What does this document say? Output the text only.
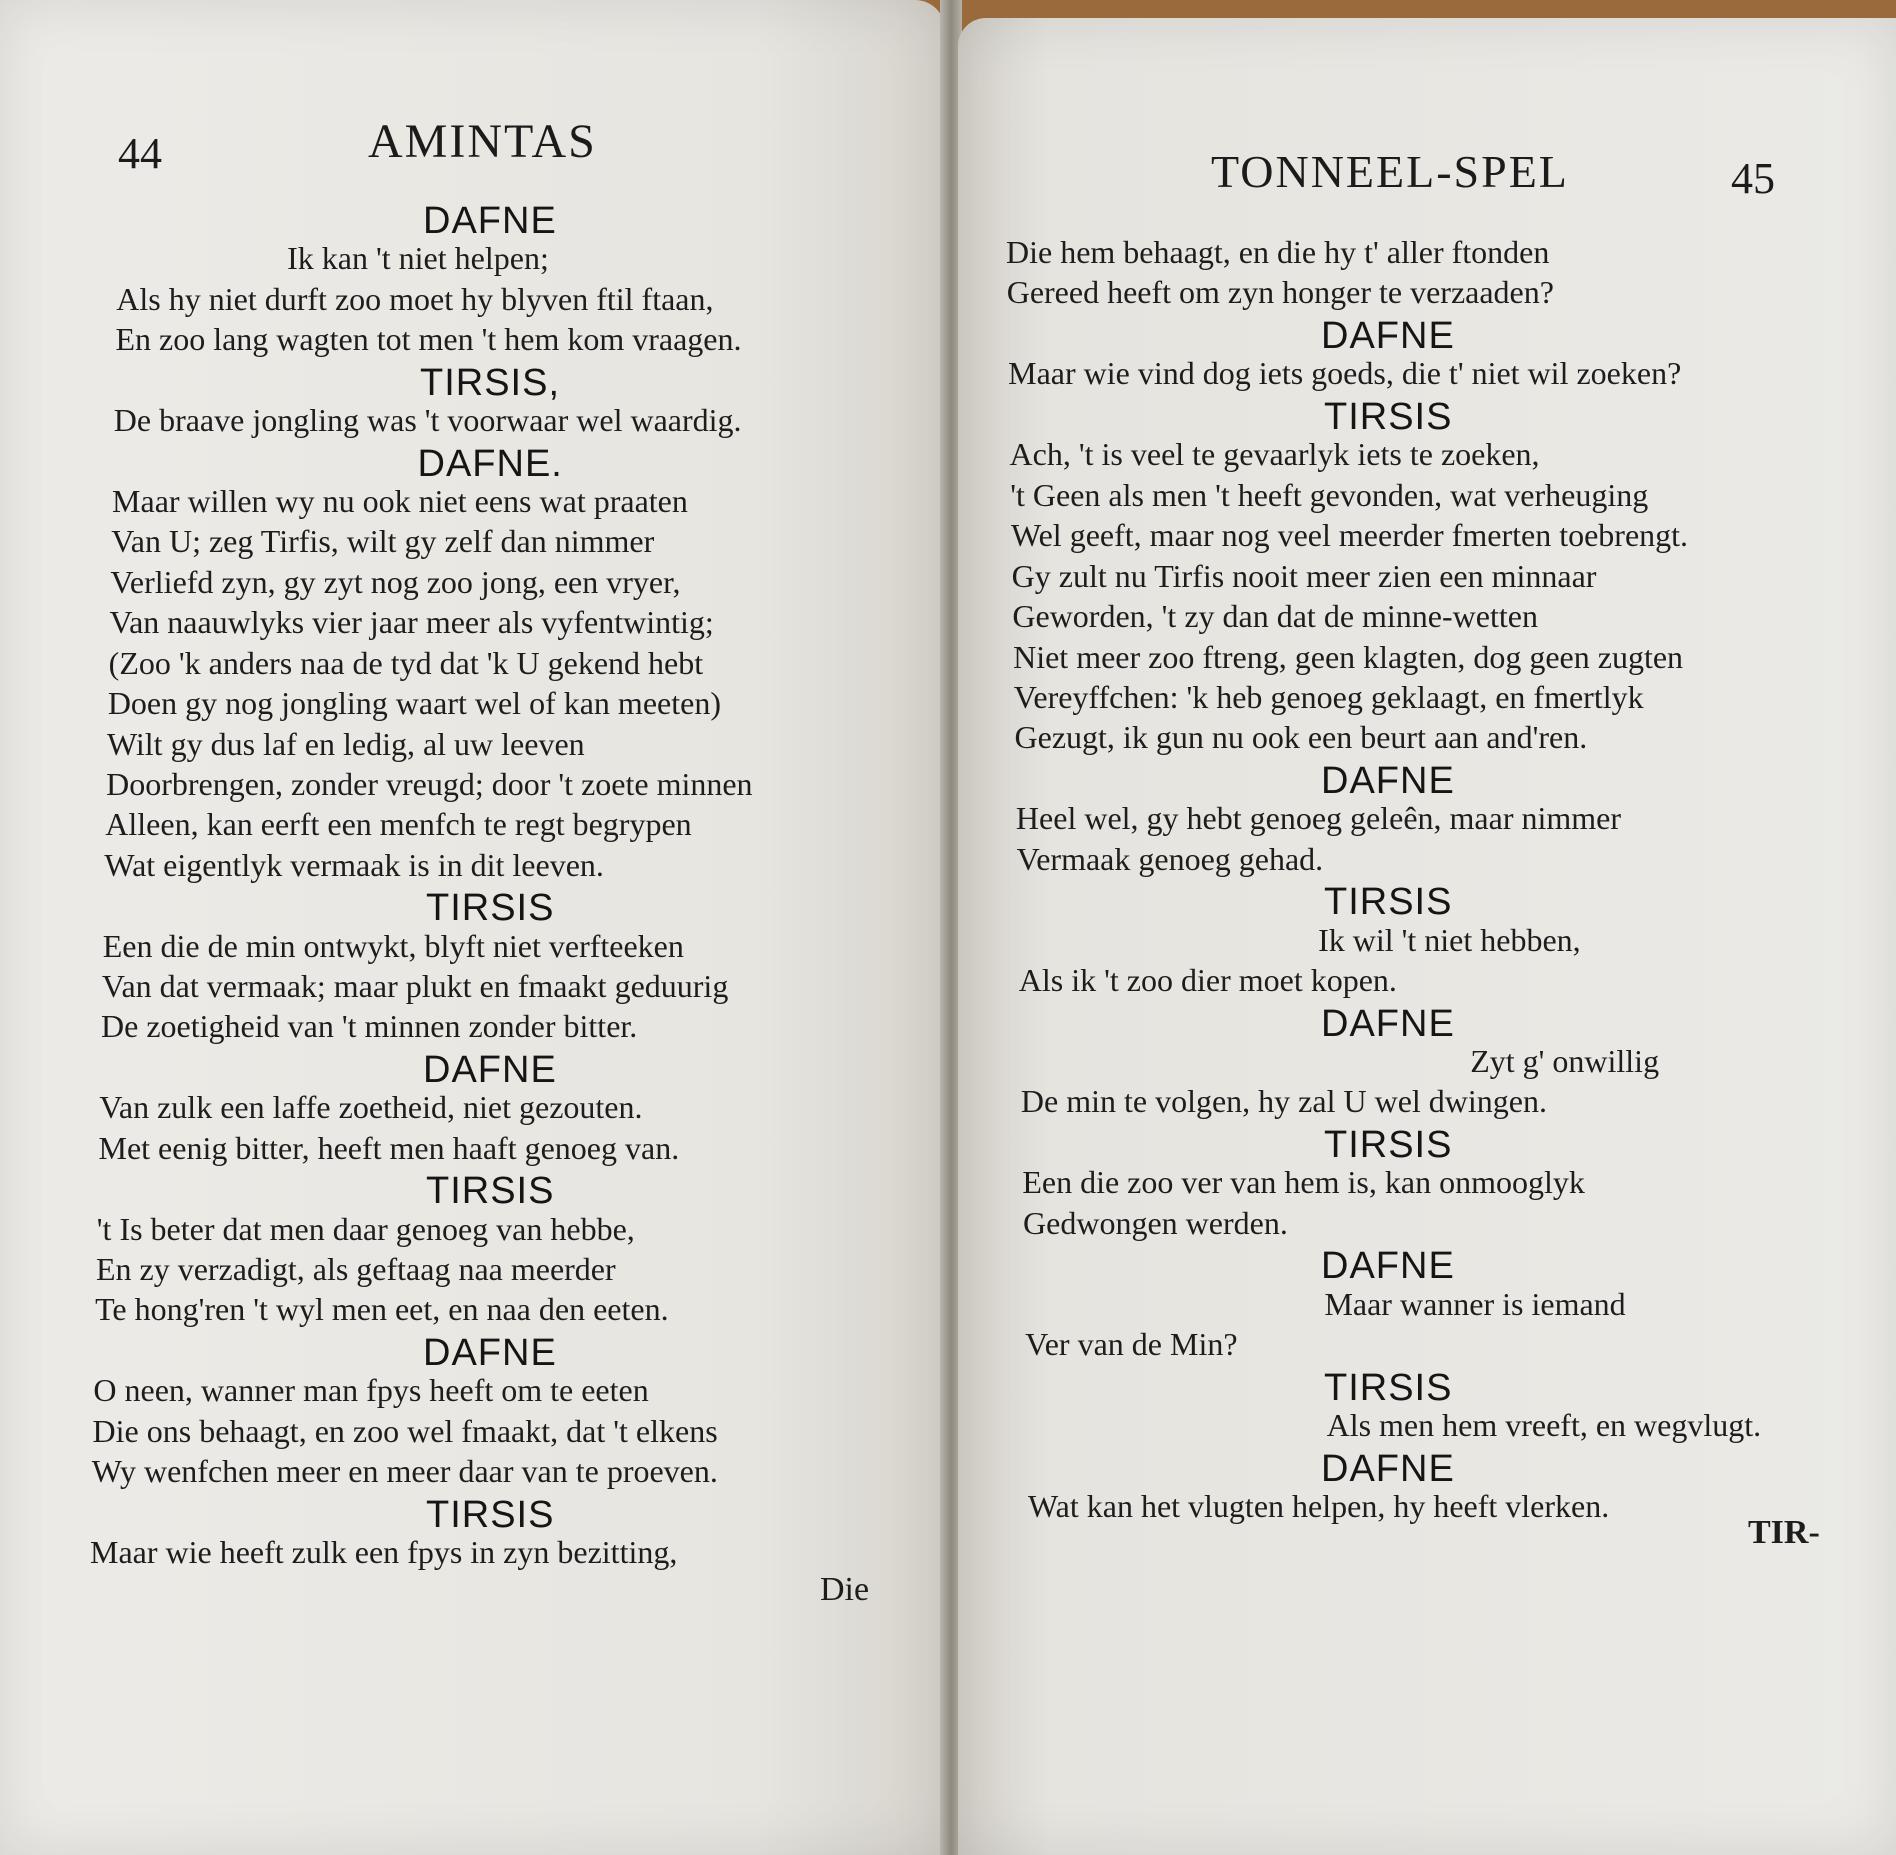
44	AMINTAS
DAFNE
Ik kan 't niet helpen;
Als hy niet durft zoo moet hy blyven ftil ftaan,
En zoo lang wagten tot men 't hem kom vraagen.
TIRSIS,
De braave jongling was 't voorwaar wel waardig.
DAFNE.
Maar willen wy nu ook niet eens wat praaten
Van U; zeg Tirfis, wilt gy zelf dan nimmer
Verliefd zyn, gy zyt nog zoo jong, een vryer,
Van naauwlyks vier jaar meer als vyfentwintig;
(Zoo 'k anders naa de tyd dat 'k U gekend hebt
Doen gy nog jongling waart wel of kan meeten)
Wilt gy dus laf en ledig, al uw leeven
Doorbrengen, zonder vreugd; door 't zoete minnen
Alleen, kan eerft een menfch te regt begrypen
Wat eigentlyk vermaak is in dit leeven.
TIRSIS
Een die de min ontwykt, blyft niet verfteeken
Van dat vermaak; maar plukt en fmaakt geduurig
De zoetigheid van 't minnen zonder bitter.
DAFNE
Van zulk een laffe zoetheid, niet gezouten.
Met eenig bitter, heeft men haaft genoeg van.
TIRSIS
't Is beter dat men daar genoeg van hebbe,
En zy verzadigt, als geftaag naa meerder
Te hong'ren 't wyl men eet, en naa den eeten.
DAFNE
O neen, wanner man fpys heeft om te eeten
Die ons behaagt, en zoo wel fmaakt, dat 't elkens
Wy wenfchen meer en meer daar van te proeven.
TIRSIS
Maar wie heeft zulk een fpys in zyn bezitting,
Die
TONNEEL-SPEL	45
Die hem behaagt, en die hy t' aller ftonden
Gereed heeft om zyn honger te verzaaden?
DAFNE
Maar wie vind dog iets goeds, die t' niet wil zoeken?
TIRSIS
Ach, 't is veel te gevaarlyk iets te zoeken,
't Geen als men 't heeft gevonden, wat verheuging
Wel geeft, maar nog veel meerder fmerten toebrengt.
Gy zult nu Tirfis nooit meer zien een minnaar
Geworden, 't zy dan dat de minne-wetten
Niet meer zoo ftreng, geen klagten, dog geen zugten
Vereyffchen: 'k heb genoeg geklaagt, en fmertlyk
Gezugt, ik gun nu ook een beurt aan and'ren.
DAFNE
Heel wel, gy hebt genoeg geleên, maar nimmer
Vermaak genoeg gehad.
TIRSIS
Ik wil 't niet hebben,
Als ik 't zoo dier moet kopen.
DAFNE
Zyt g' onwillig
De min te volgen, hy zal U wel dwingen.
TIRSIS
Een die zoo ver van hem is, kan onmooglyk
Gedwongen werden.
DAFNE
Maar wanner is iemand
Ver van de Min?
TIRSIS
Als men hem vreeft, en wegvlugt.
DAFNE
Wat kan het vlugten helpen, hy heeft vlerken.
TIR-
